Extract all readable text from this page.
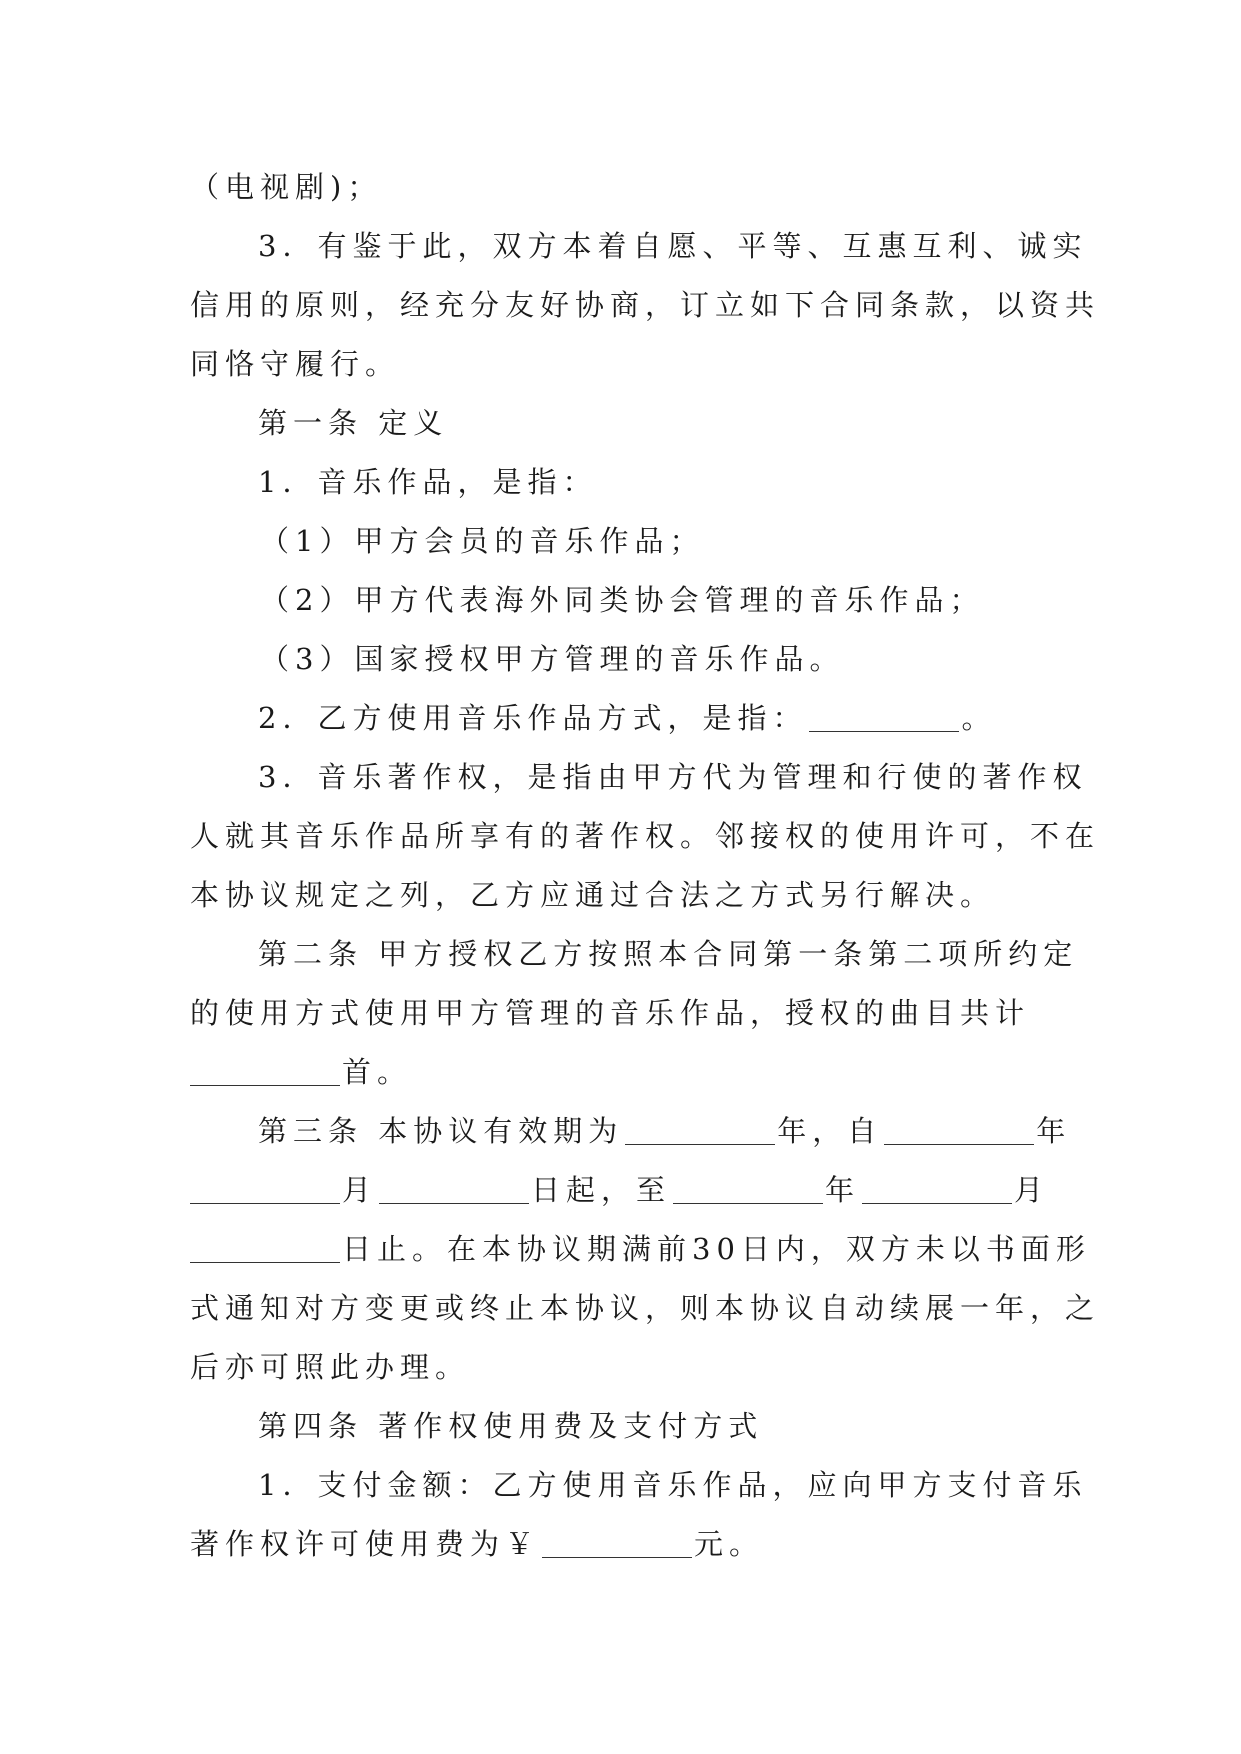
（电视剧)；
3．有鉴于此，双方本着自愿、平等、互惠互利、诚实
信用的原则，经充分友好协商，订立如下合同条款，以资共
同恪守履行。
第一条 定义
1．音乐作品，是指：
（1）甲方会员的音乐作品；
（2）甲方代表海外同类协会管理的音乐作品；
（3）国家授权甲方管理的音乐作品。
2．乙方使用音乐作品方式，是指：	。
3．音乐著作权，是指由甲方代为管理和行使的著作权
人就其音乐作品所享有的著作权。邻接权的使用许可，不在
本协议规定之列，乙方应通过合法之方式另行解决。
第二条 甲方授权乙方按照本合同第一条第二项所约定
的使用方式使用甲方管理的音乐作品，授权的曲目共计
首。
第三条 本协议有效期为	年，自	年
月	日起，至	年	月
日止。在本协议期满前30日内，双方未以书面形
式通知对方变更或终止本协议，则本协议自动续展一年，之
后亦可照此办理。
第四条 著作权使用费及支付方式
1．支付金额：乙方使用音乐作品，应向甲方支付音乐
著作权许可使用费为￥	元。
